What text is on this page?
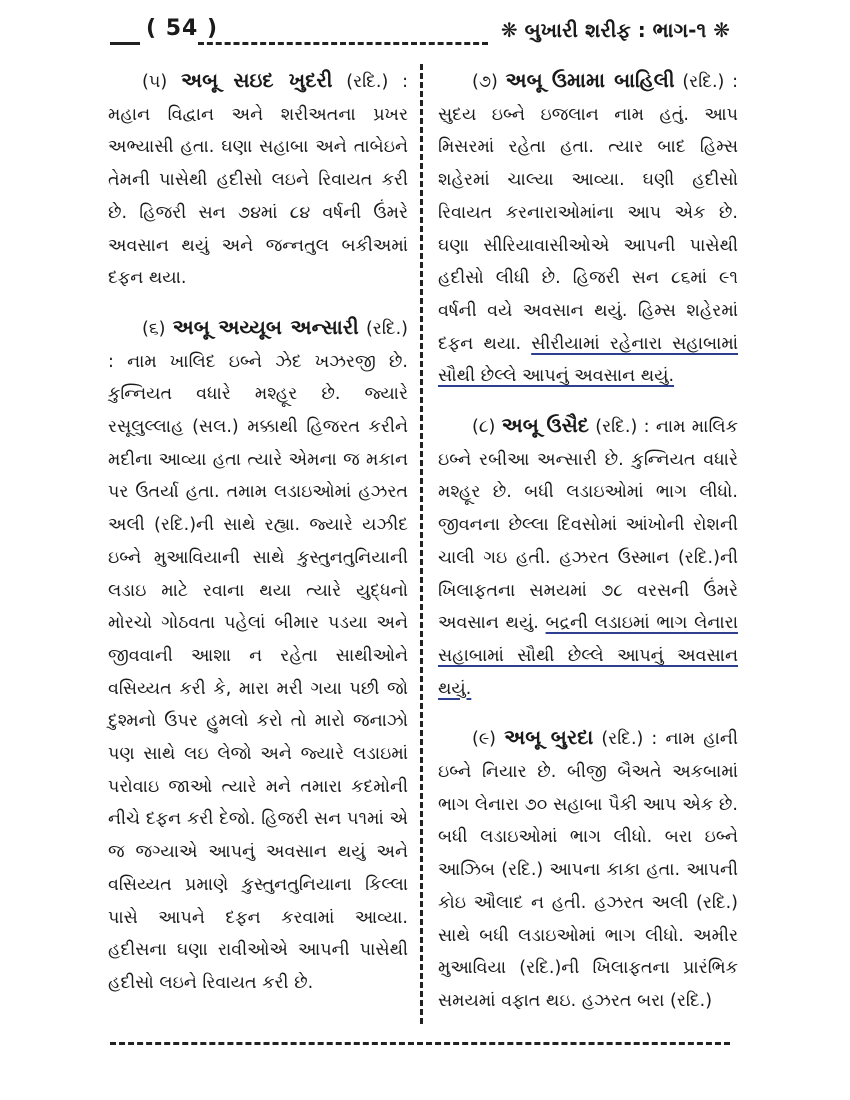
( 54 )	❋ બુખારી શરીફ : ભાગ-૧ ❋

(૫) અબૂ સઇદ ખુદરી (રદિ.) : મહાન વિદ્વાન અને શરીઅતના પ્રખર અભ્યાસી હતા. ઘણા સહાબા અને તાબેઇને તેમની પાસેથી હદીસો લઇને રિવાયત કરી છે. હિજરી સન ૭૪માં ૮૪ વર્ષની ઉંમરે અવસાન થયું અને જન્નતુલ બકીઅમાં દફન થયા.

(૬) અબૂ અય્યૂબ અન્સારી (રદિ.) : નામ ખાલિદ ઇબ્ને ઝેદ ખઝરજી છે. કુન્નિયત વધારે મશ્હૂર છે. જ્યારે રસૂલુલ્લાહ (સલ.) મક્કાથી હિજરત કરીને મદીના આવ્યા હતા ત્યારે એમના જ મકાન પર ઉતર્યા હતા. તમામ લડાઇઓમાં હઝરત અલી (રદિ.)ની સાથે રહ્યા. જ્યારે યઝીદ ઇબ્ને મુઆવિયાની સાથે કુસ્તુનતુનિયાની લડાઇ માટે રવાના થયા ત્યારે યુદ્ધનો મોરચો ગોઠવતા પહેલાં બીમાર પડયા અને જીવવાની આશા ન રહેતા સાથીઓને વસિય્યત કરી કે, મારા મરી ગયા પછી જો દુશ્મનો ઉપર હુમલો કરો તો મારો જનાઝો પણ સાથે લઇ લેજો અને જ્યારે લડાઇમાં પરોવાઇ જાઓ ત્યારે મને તમારા કદમોની નીચે દફન કરી દેજો. હિજરી સન ૫૧માં એ જ જગ્યાએ આપનું અવસાન થયું અને વસિય્યત પ્રમાણે કુસ્તુનતુનિયાના કિલ્લા પાસે આપને દફન કરવામાં આવ્યા. હદીસના ઘણા રાવીઓએ આપની પાસેથી હદીસો લઇને રિવાયત કરી છે.

(૭) અબૂ ઉમામા બાહિલી (રદિ.) : સુદય ઇબ્ને ઇજલાન નામ હતું. આપ મિસરમાં રહેતા હતા. ત્યાર બાદ હિમ્સ શહેરમાં ચાલ્યા આવ્યા. ઘણી હદીસો રિવાયત કરનારાઓમાંના આપ એક છે. ઘણા સીરિયાવાસીઓએ આપની પાસેથી હદીસો લીધી છે. હિજરી સન ૮૬માં ૯૧ વર્ષની વયે અવસાન થયું. હિમ્સ શહેરમાં દફન થયા. સીરીયામાં રહેનારા સહાબામાં સૌથી છેલ્લે આપનું અવસાન થયું.

(૮) અબૂ ઉસૈદ (રદિ.) : નામ માલિક ઇબ્ને રબીઆ અન્સારી છે. કુન્નિયત વધારે મશ્હૂર છે. બધી લડાઇઓમાં ભાગ લીધો. જીવનના છેલ્લા દિવસોમાં આંખોની રોશની ચાલી ગઇ હતી. હઝરત ઉસ્માન (રદિ.)ની ખિલાફતના સમયમાં ૭૮ વરસની ઉંમરે અવસાન થયું. બદ્રની લડાઇમાં ભાગ લેનારા સહાબામાં સૌથી છેલ્લે આપનું અવસાન થયું.

(૯) અબૂ બુરદા (રદિ.) : નામ હાની ઇબ્ને નિયાર છે. બીજી બૈઅતે અકબામાં ભાગ લેનારા ૭૦ સહાબા પૈકી આપ એક છે. બધી લડાઇઓમાં ભાગ લીધો. બરા ઇબ્ને આઝિબ (રદિ.) આપના કાકા હતા. આપની કોઇ ઔલાદ ન હતી. હઝરત અલી (રદિ.) સાથે બધી લડાઇઓમાં ભાગ લીધો. અમીર મુઆવિયા (રદિ.)ની ખિલાફતના પ્રારંભિક સમયમાં વફાત થઇ. હઝરત બરા (રદિ.)
